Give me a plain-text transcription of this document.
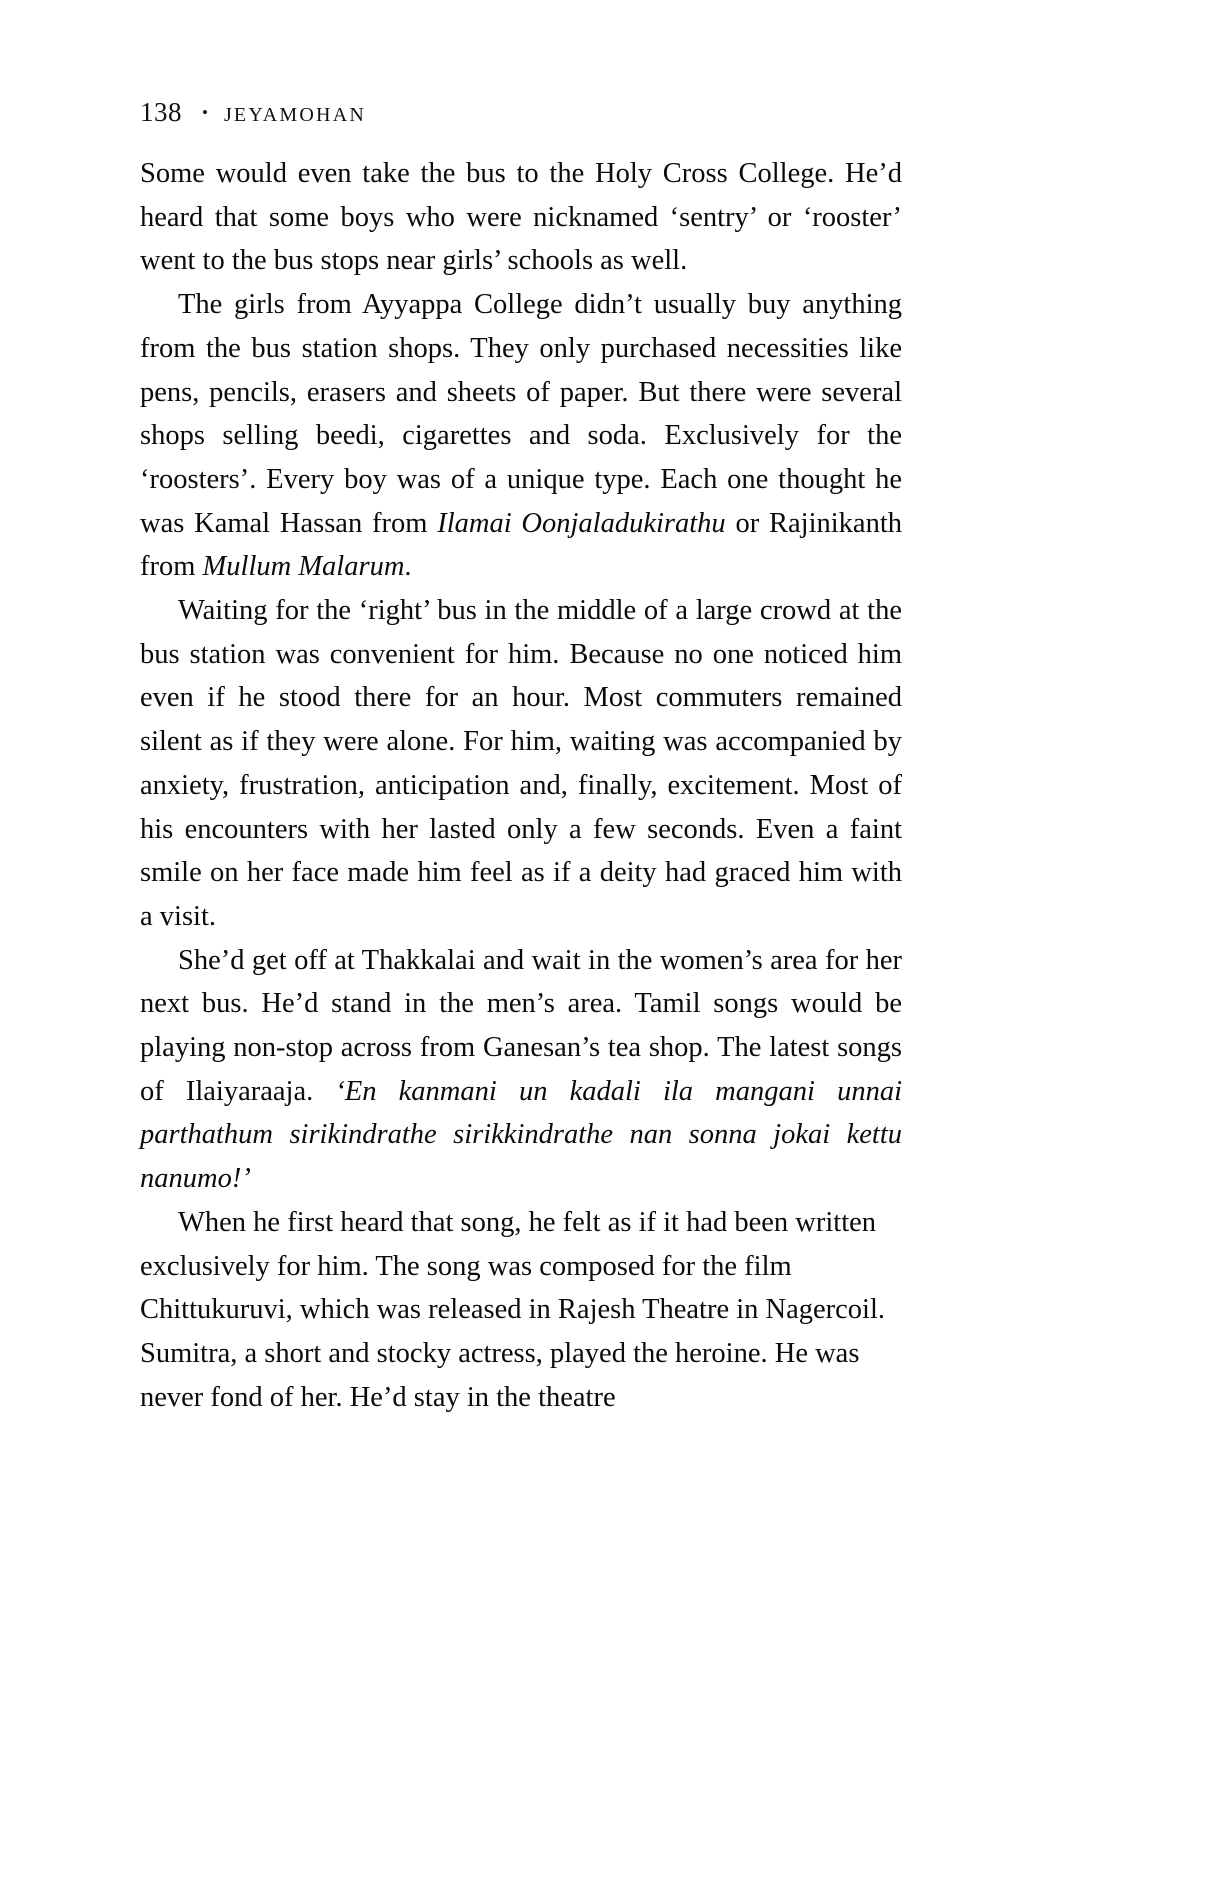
138 • JEYAMOHAN

Some would even take the bus to the Holy Cross College. He’d heard that some boys who were nicknamed ‘sentry’ or ‘rooster’ went to the bus stops near girls’ schools as well.

The girls from Ayyappa College didn’t usually buy anything from the bus station shops. They only purchased necessities like pens, pencils, erasers and sheets of paper. But there were several shops selling beedi, cigarettes and soda. Exclusively for the ‘roosters’. Every boy was of a unique type. Each one thought he was Kamal Hassan from Ilamai Oonjaladukirathu or Rajinikanth from Mullum Malarum.

Waiting for the ‘right’ bus in the middle of a large crowd at the bus station was convenient for him. Because no one noticed him even if he stood there for an hour. Most commuters remained silent as if they were alone. For him, waiting was accompanied by anxiety, frustration, anticipation and, finally, excitement. Most of his encounters with her lasted only a few seconds. Even a faint smile on her face made him feel as if a deity had graced him with a visit.

She’d get off at Thakkalai and wait in the women’s area for her next bus. He’d stand in the men’s area. Tamil songs would be playing non-stop across from Ganesan’s tea shop. The latest songs of Ilaiyaraaja. ‘En kanmani un kadali ila mangani unnai parthathum sirikindrathe sirikkindrathe nan sonna jokai kettu nanumo!’

When he first heard that song, he felt as if it had been written exclusively for him. The song was composed for the film Chittukuruvi, which was released in Rajesh Theatre in Nagercoil. Sumitra, a short and stocky actress, played the heroine. He was never fond of her. He’d stay in the theatre
